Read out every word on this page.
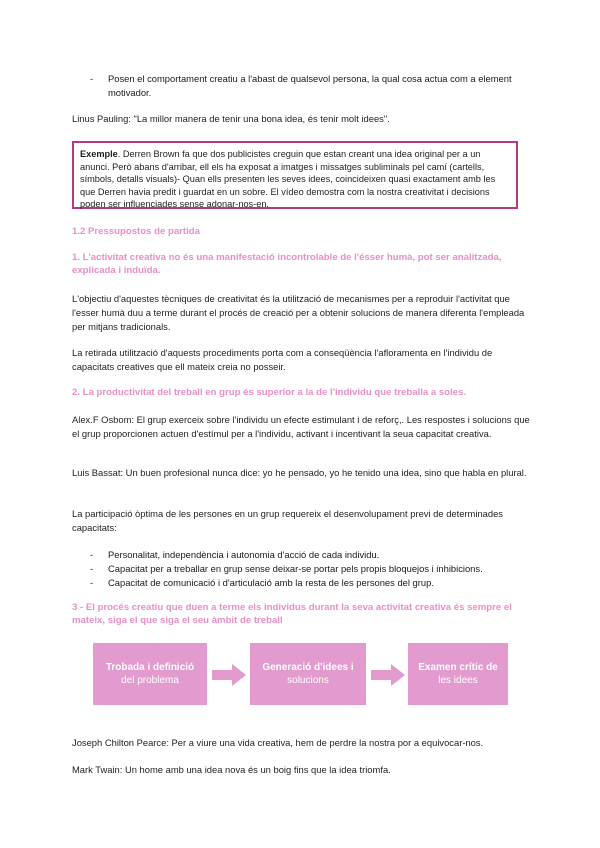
-	Posen el comportament creatiu a l'abast de qualsevol persona, la qual cosa actua com a element motivador.
Linus Pauling: "La millor manera de tenir una bona idea, és tenir molt idees".
Exemple. Derren Brown fa que dos publicistes creguin que estan creant una idea original per a un anunci. Però abans d'arribar, ell els ha exposat a imatges i missatges subliminals pel camí (cartells, símbols, detalls visuals)- Quan ells presenten les seves idees, coincideixen quasi exactament amb les que Derren havia predit i guardat en un sobre. El vídeo demostra com la nostra creativitat i decisions poden ser influenciades sense adonar-nos-en.
1.2 Pressupostos de partida
1. L'activitat creativa no és una manifestació incontrolable de l'ésser humà, pot ser analitzada, explicada i induïda.
L'objectiu d'aquestes tècniques de creativitat és la utilització de mecanismes per a reproduir l'activitat que l'esser humà duu a terme durant el procés de creació per a obtenir solucions de manera diferenta l'empleada per mitjans tradicionals.
La retirada utilització d'aquests procediments porta com a conseqüència l'afloramenta en l'individu de capacitats creatives que ell mateix creia no posseir.
2. La productivitat del treball en grup és superior a la de l'individu que treballa a soles.
Alex.F Osbom: El grup exerceix sobre l'individu un efecte estimulant i de reforç,. Les respostes i solucions que el grup proporcionen actuen d'estímul per a l'individu, activant i incentivant la seua capacitat creativa.
Luis Bassat: Un buen profesional nunca dice: yo he pensado, yo he tenido una idea, sino que habla en plural.
La participació òptima de les persones en un grup requereix el desenvolupament previ de determinades capacitats:
-	Personalitat, independència i autonomia d'acció de cada individu.
-	Capacitat per a treballar en grup sense deixar-se portar pels propis bloquejos i inhibicions.
-	Capacitat de comunicació i d'articulació amb la resta de les persones del grup.
3 - El procés creatiu que duen a terme els individus durant la seva activitat creativa és sempre el mateix, siga el que siga el seu àmbit de treball
Trobada i definició
del problema
Generació d'idees i
solucions
Examen crític de
les idees
Joseph Chilton Pearce: Per a viure una vida creativa, hem de perdre la nostra por a equivocar-nos.
Mark Twain: Un home amb una idea nova és un boig fins que la idea triomfa.
